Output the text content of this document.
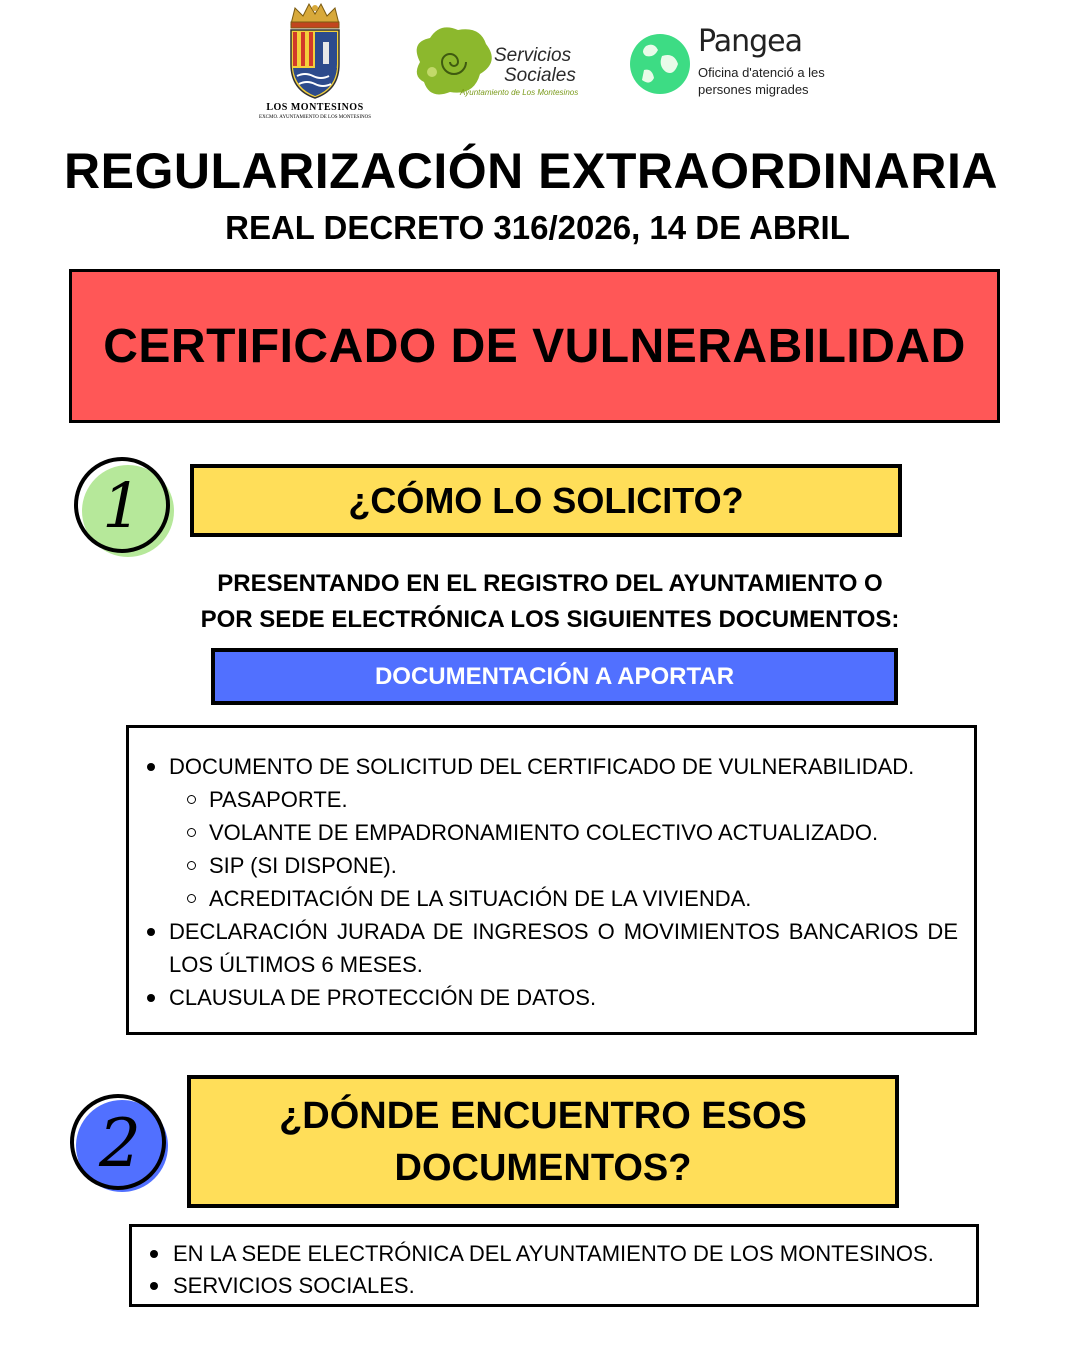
LOS MONTESINOS
EXCMO. AYUNTAMIENTO DE LOS MONTESINOS
Servicios
Sociales
Ayuntamiento de Los Montesinos
Pangea
Oficina d'atenció a les persones migrades
REGULARIZACIÓN EXTRAORDINARIA
REAL DECRETO 316/2026, 14 DE ABRIL
CERTIFICADO DE VULNERABILIDAD
1	¿CÓMO LO SOLICITO?
PRESENTANDO EN EL REGISTRO DEL AYUNTAMIENTO O
POR SEDE ELECTRÓNICA LOS SIGUIENTES DOCUMENTOS:
DOCUMENTACIÓN A APORTAR
DOCUMENTO DE SOLICITUD DEL CERTIFICADO DE VULNERABILIDAD.
PASAPORTE.
VOLANTE DE EMPADRONAMIENTO COLECTIVO ACTUALIZADO.
SIP (SI DISPONE).
ACREDITACIÓN DE LA SITUACIÓN DE LA VIVIENDA.
DECLARACIÓN JURADA DE INGRESOS O MOVIMIENTOS BANCARIOS DE LOS ÚLTIMOS 6 MESES.
CLAUSULA DE PROTECCIÓN DE DATOS.
2	¿DÓNDE ENCUENTRO ESOS
DOCUMENTOS?
EN LA SEDE ELECTRÓNICA DEL AYUNTAMIENTO DE LOS MONTESINOS.
SERVICIOS SOCIALES.
